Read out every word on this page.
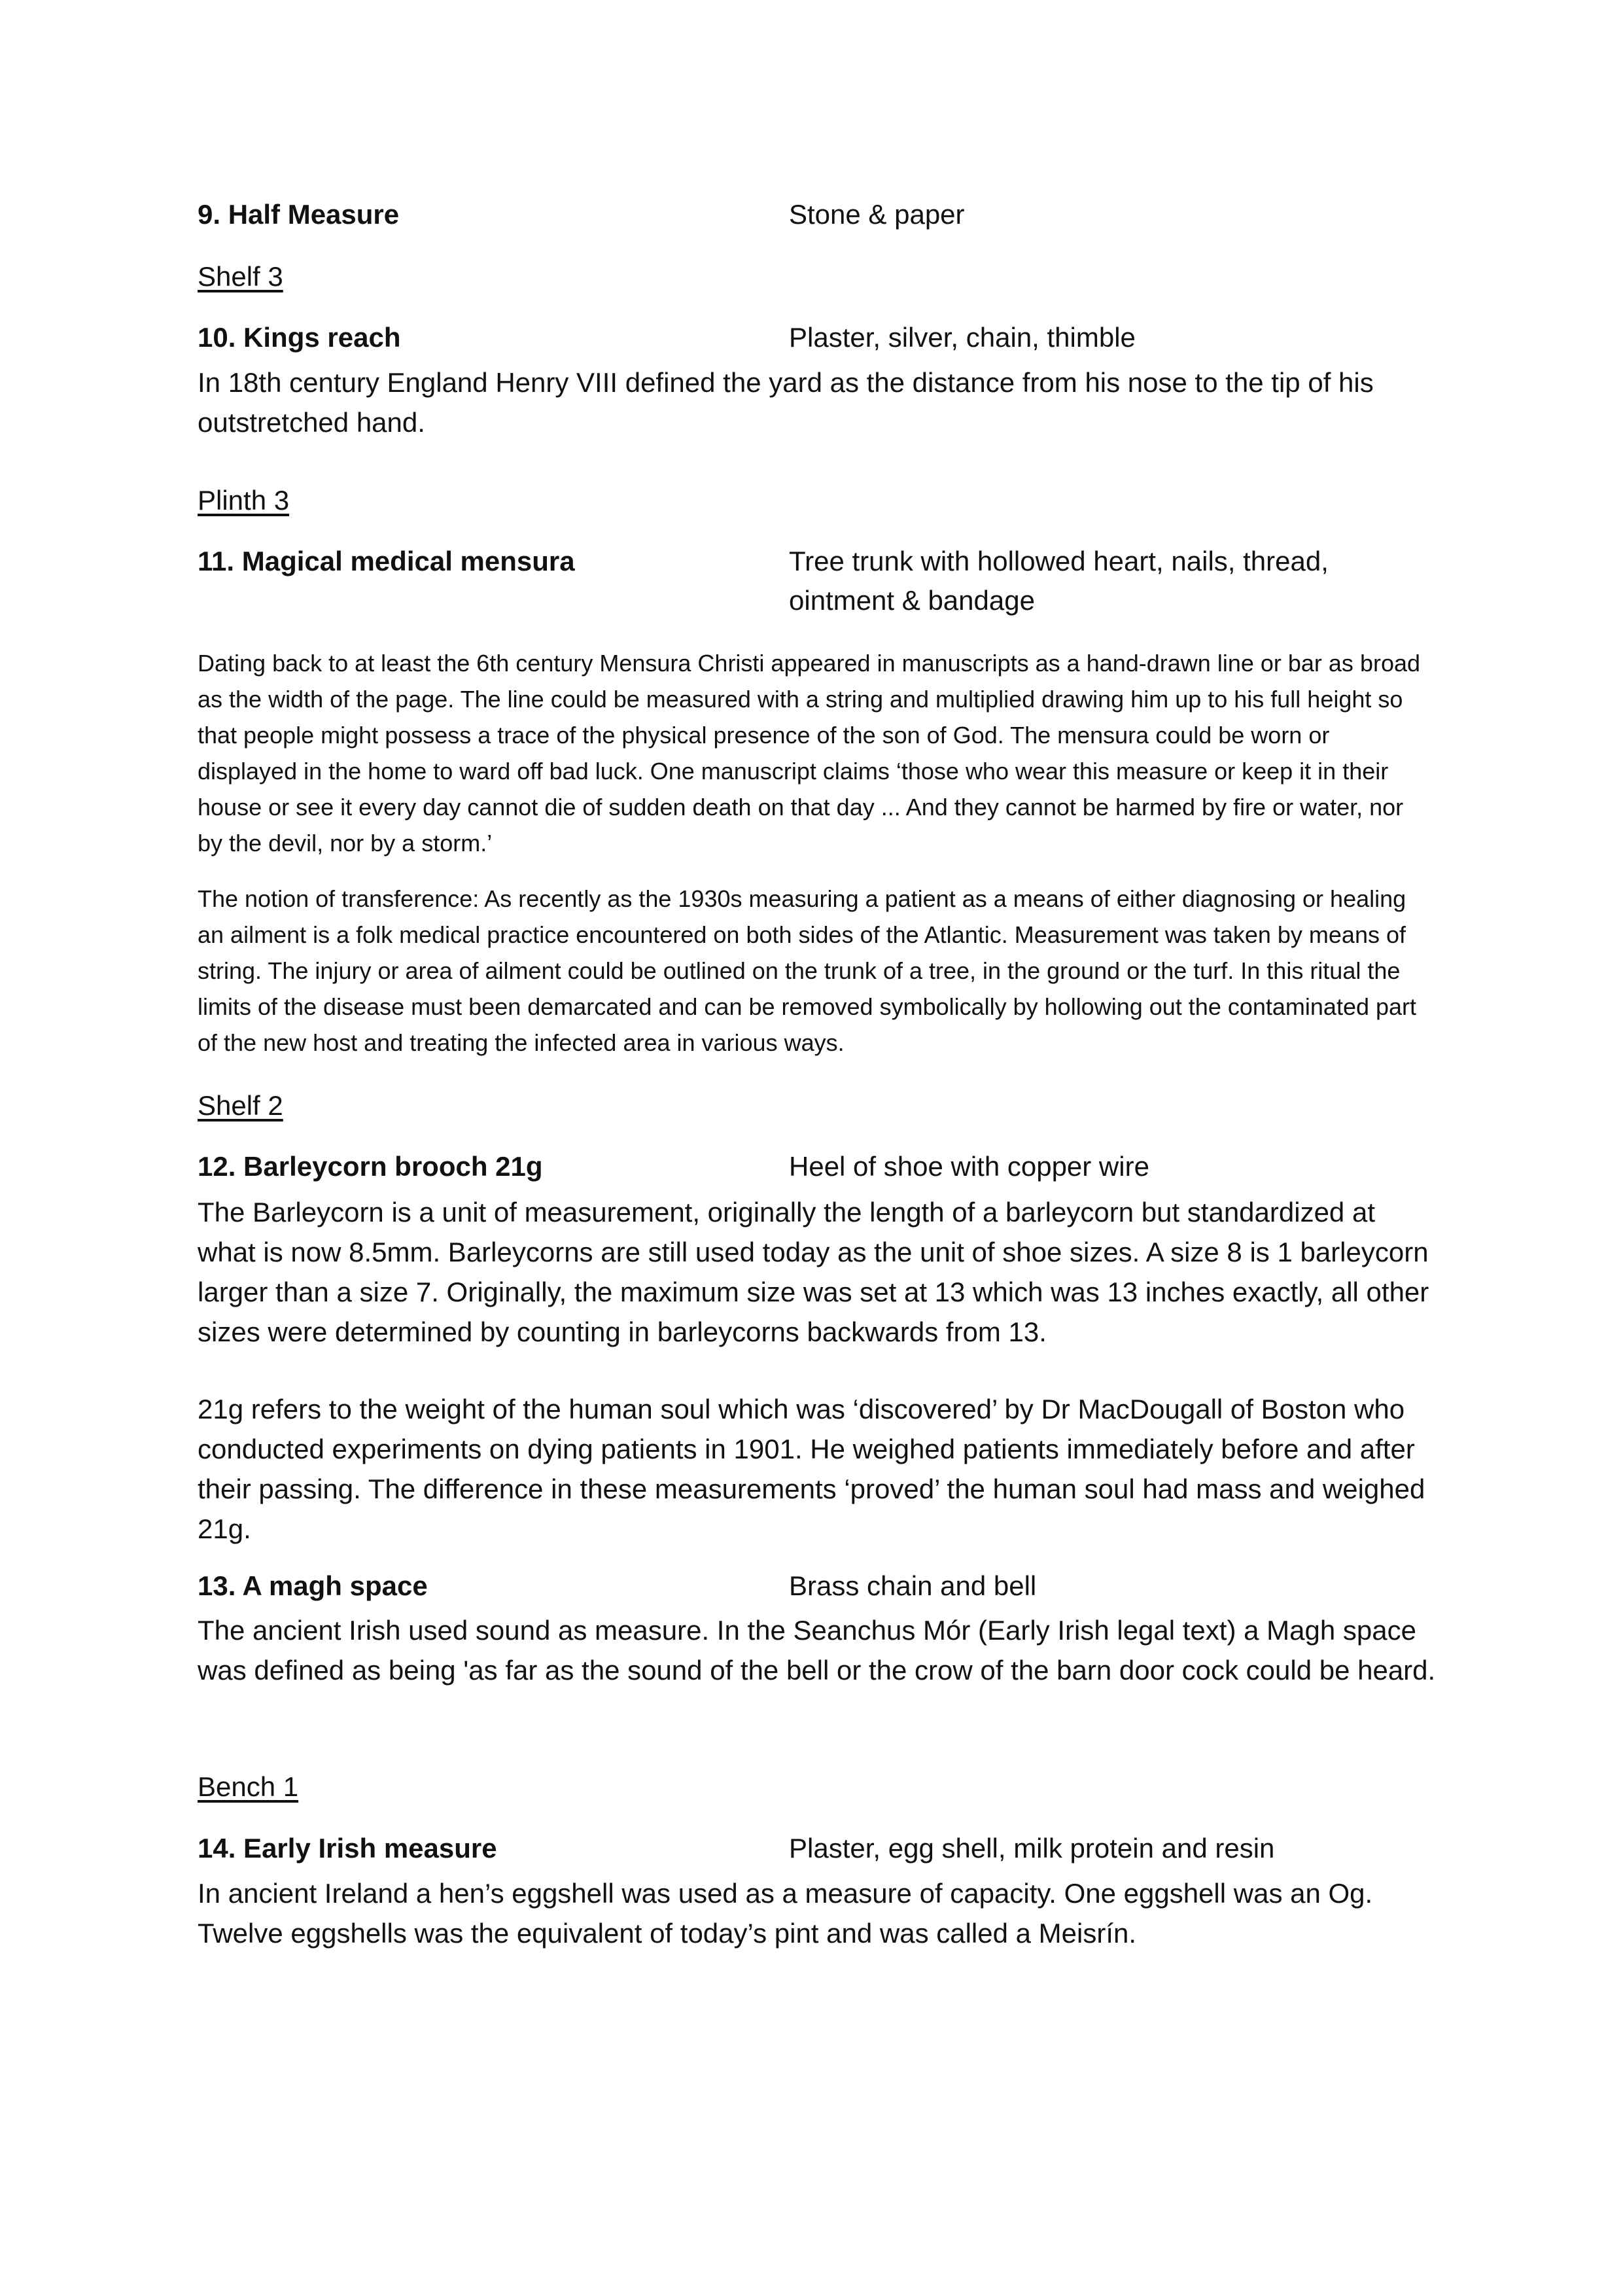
9. Half Measure	Stone & paper
Shelf 3
10. Kings reach	Plaster, silver, chain, thimble

In 18th century England Henry VIII defined the yard as the distance from his nose to the tip of his outstretched hand.

Plinth 3
11. Magical medical mensura	Tree trunk with hollowed heart, nails, thread, ointment & bandage

Dating back to at least the 6th century Mensura Christi appeared in manuscripts as a hand-drawn line or bar as broad as the width of the page. The line could be measured with a string and multiplied drawing him up to his full height so that people might possess a trace of the physical presence of the son of God. The mensura could be worn or displayed in the home to ward off bad luck. One manuscript claims ‘those who wear this measure or keep it in their house or see it every day cannot die of sudden death on that day ... And they cannot be harmed by fire or water, nor by the devil, nor by a storm.’

The notion of transference: As recently as the 1930s measuring a patient as a means of either diagnosing or healing an ailment is a folk medical practice encountered on both sides of the Atlantic. Measurement was taken by means of string. The injury or area of ailment could be outlined on the trunk of a tree, in the ground or the turf. In this ritual the limits of the disease must been demarcated and can be removed symbolically by hollowing out the contaminated part of the new host and treating the infected area in various ways.

Shelf 2
12. Barleycorn brooch 21g	Heel of shoe with copper wire

The Barleycorn is a unit of measurement, originally the length of a barleycorn but standardized at what is now 8.5mm. Barleycorns are still used today as the unit of shoe sizes. A size 8 is 1 barleycorn larger than a size 7. Originally, the maximum size was set at 13 which was 13 inches exactly, all other sizes were determined by counting in barleycorns backwards from 13.

21g refers to the weight of the human soul which was ‘discovered’ by Dr MacDougall of Boston who conducted experiments on dying patients in 1901. He weighed patients immediately before and after their passing. The difference in these measurements ‘proved’ the human soul had mass and weighed 21g.

13. A magh space	Brass chain and bell

The ancient Irish used sound as measure. In the Seanchus Mór (Early Irish legal text) a Magh space was defined as being 'as far as the sound of the bell or the crow of the barn door cock could be heard.

Bench 1
14. Early Irish measure	Plaster, egg shell, milk protein and resin

In ancient Ireland a hen’s eggshell was used as a measure of capacity. One eggshell was an Og. Twelve eggshells was the equivalent of today’s pint and was called a Meisrín.
